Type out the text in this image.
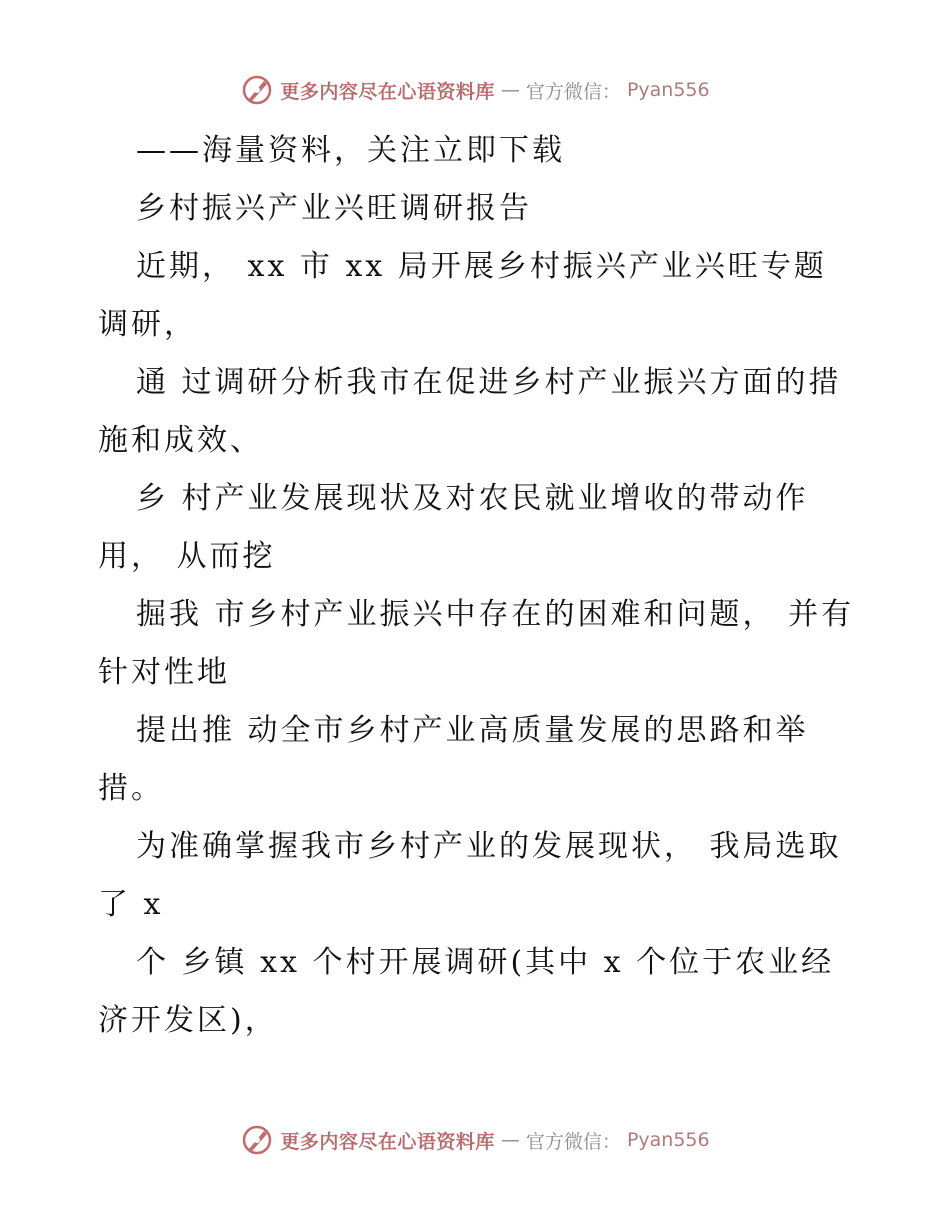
更多内容尽在心语资料库 — 官方微信： Pyan556

——海量资料，关注立即下载

乡村振兴产业兴旺调研报告

近期， xx 市 xx 局开展乡村振兴产业兴旺专题调研，

通 过调研分析我市在促进乡村产业振兴方面的措施和成效、

乡 村产业发展现状及对农民就业增收的带动作用， 从而挖

掘我 市乡村产业振兴中存在的困难和问题， 并有针对性地

提出推 动全市乡村产业高质量发展的思路和举措。

为准确掌握我市乡村产业的发展现状， 我局选取了 x

个 乡镇 xx 个村开展调研(其中 x 个位于农业经济开发区)，

更多内容尽在心语资料库 — 官方微信： Pyan556
